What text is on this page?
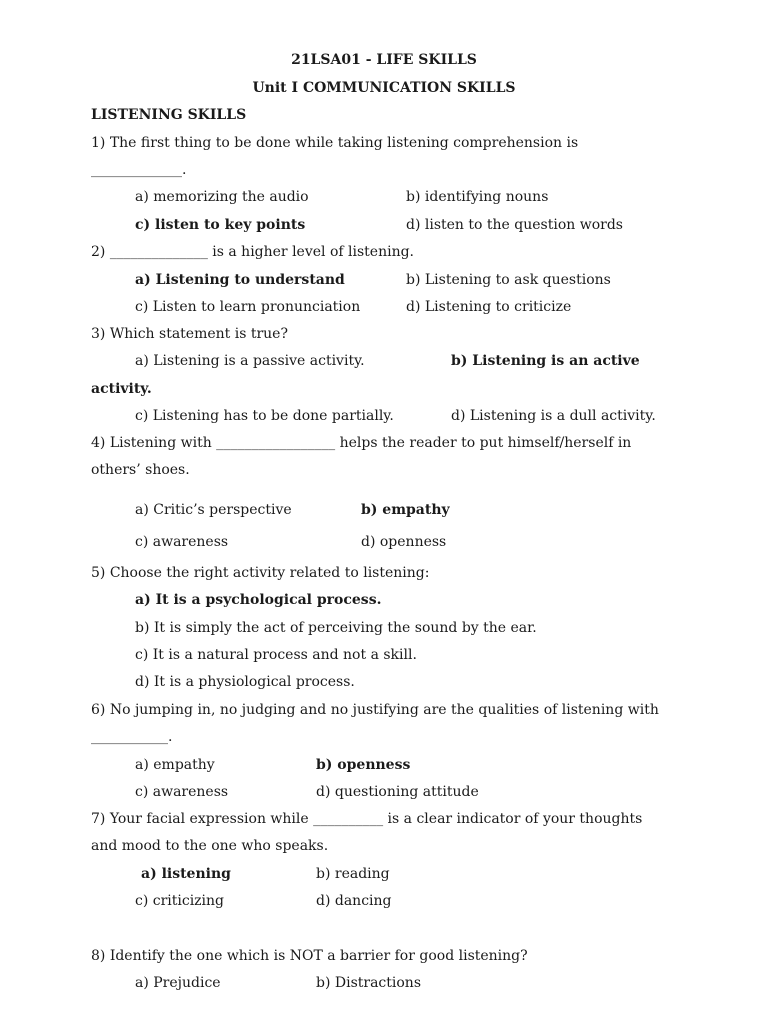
21LSA01 - LIFE SKILLS
Unit I COMMUNICATION SKILLS
LISTENING SKILLS
1) The first thing to be done while taking listening comprehension is
_____________.
a) memorizing the audio	b) identifying nouns
c) listen to key points	d) listen to the question words
2) ______________ is a higher level of listening.
a) Listening to understand	b) Listening to ask questions
c) Listen to learn pronunciation	d) Listening to criticize
3) Which statement is true?
a) Listening is a passive activity.	b) Listening is an active
activity.
c) Listening has to be done partially.	d) Listening is a dull activity.
4) Listening with _________________ helps the reader to put himself/herself in
others’ shoes.
a) Critic’s perspective	b) empathy
c) awareness	d) openness
5) Choose the right activity related to listening:
a) It is a psychological process.
b) It is simply the act of perceiving the sound by the ear.
c) It is a natural process and not a skill.
d) It is a physiological process.
6) No jumping in, no judging and no justifying are the qualities of listening with
___________.
a) empathy	b) openness
c) awareness	d) questioning attitude
7) Your facial expression while __________ is a clear indicator of your thoughts
and mood to the one who speaks.
a) listening	b) reading
c) criticizing	d) dancing
8) Identify the one which is NOT a barrier for good listening?
a) Prejudice	b) Distractions
